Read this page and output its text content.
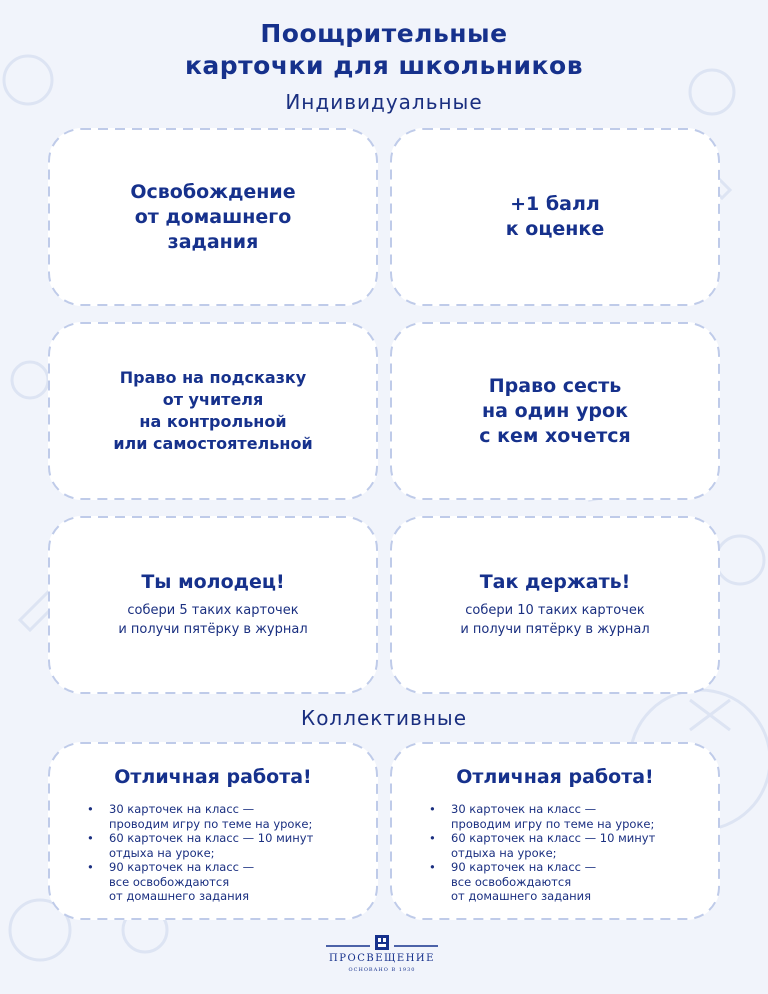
Поощрительные
карточки для школьников
Индивидуальные
Освобождение
от домашнего
задания
+1 балл
к оценке
Право на подсказку
от учителя
на контрольной
или самостоятельной
Право сесть
на один урок
с кем хочется
Ты молодец!
собери 5 таких карточек
и получи пятёрку в журнал
Так держать!
собери 10 таких карточек
и получи пятёрку в журнал
Коллективные
Отличная работа!
• 30 карточек на класс —
проводим игру по теме на уроке;
• 60 карточек на класс — 10 минут
отдыха на уроке;
• 90 карточек на класс —
все освобождаются
от домашнего задания
Отличная работа!
• 30 карточек на класс —
проводим игру по теме на уроке;
• 60 карточек на класс — 10 минут
отдыха на уроке;
• 90 карточек на класс —
все освобождаются
от домашнего задания
ПРОСВЕЩЕНИЕ
ОСНОВАНО В 1930
